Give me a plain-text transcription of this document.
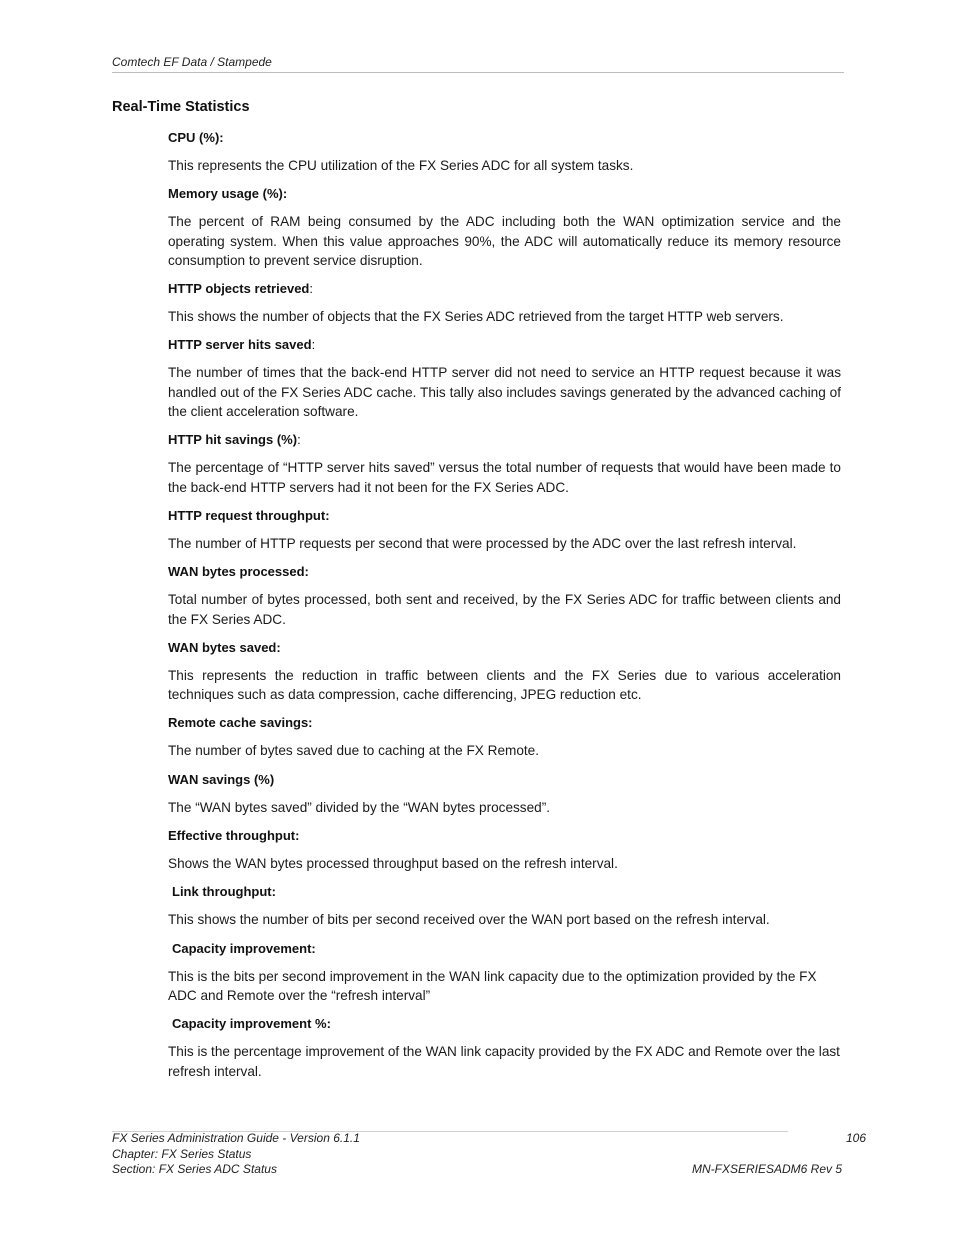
Comtech EF Data / Stampede
Real-Time Statistics

CPU (%):

This represents the CPU utilization of the FX Series ADC for all system tasks.

Memory usage (%):

The percent of RAM being consumed by the ADC including both the WAN optimization service and the operating system. When this value approaches 90%, the ADC will automatically reduce its memory resource consumption to prevent service disruption.

HTTP objects retrieved:

This shows the number of objects that the FX Series ADC retrieved from the target HTTP web servers.

HTTP server hits saved:

The number of times that the back-end HTTP server did not need to service an HTTP request because it was handled out of the FX Series ADC cache. This tally also includes savings generated by the advanced caching of the client acceleration software.

HTTP hit savings (%):

The percentage of “HTTP server hits saved” versus the total number of requests that would have been made to the back-end HTTP servers had it not been for the FX Series ADC.

HTTP request throughput:

The number of HTTP requests per second that were processed by the ADC over the last refresh interval.

WAN bytes processed:

Total number of bytes processed, both sent and received, by the FX Series ADC for traffic between clients and the FX Series ADC.

WAN bytes saved:

This represents the reduction in traffic between clients and the FX Series due to various acceleration techniques such as data compression, cache differencing, JPEG reduction etc.

Remote cache savings:

The number of bytes saved due to caching at the FX Remote.

WAN savings (%)

The “WAN bytes saved” divided by the “WAN bytes processed”.

Effective throughput:

Shows the WAN bytes processed throughput based on the refresh interval.

Link throughput:

This shows the number of bits per second received over the WAN port based on the refresh interval.

Capacity improvement:

This is the bits per second improvement in the WAN link capacity due to the optimization provided by the FX ADC and Remote over the “refresh interval”

Capacity improvement %:

This is the percentage improvement of the WAN link capacity provided by the FX ADC and Remote over the last refresh interval.

FX Series Administration Guide - Version 6.1.1	106
Chapter: FX Series Status
Section: FX Series ADC Status	MN-FXSERIESADM6 Rev 5
